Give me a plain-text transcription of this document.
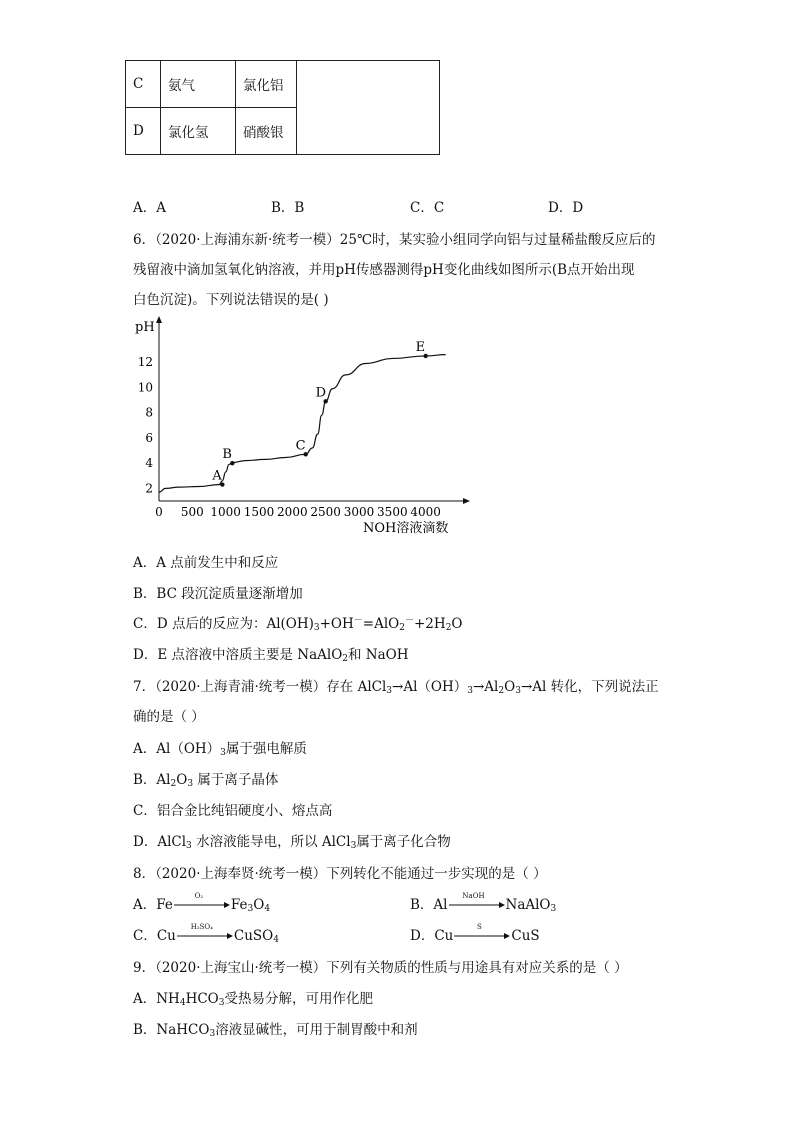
C	氨气	氯化铝	
D	氯化氢	硝酸银	
A．A	B．B	C．C	D．D
6．（2020·上海浦东新·统考一模）25℃时，某实验小组同学向铝与过量稀盐酸反应后的
残留液中滴加氢氧化钠溶液，并用pH传感器测得pH变化曲线如图所示(B点开始出现
白色沉淀)。下列说法错误的是( )
0 500 1000 1500 2000 2500 3000 3500 4000
2
4
6
8
10
12
A
B
C
D
E
pH
NOH溶液滴数
A．A 点前发生中和反应
B．BC 段沉淀质量逐渐增加
C．D 点后的反应为：$Al(OH)_3+OH^-=AlO_2^-+2H_2O$
D．E 点溶液中溶质主要是 NaAlO$_2$和 NaOH
7．（2020·上海青浦·统考一模）存在 $AlCl_3\to Al(OH)_3\to Al_2O_3\to Al$ 转化，下列说法正
确的是（ ）
A．$Al(OH)_3$属于强电解质
B．$Al_2O_3$ 属于离子晶体
C．铝合金比纯铝硬度小、熔点高
D．AlCl$_3$ 水溶液能导电，所以 AlCl$_3$属于离子化合物
8．（2020·上海奉贤·统考一模）下列转化不能通过一步实现的是（ ）
A．Fe
O₂
$Fe_3O_4$	B．Al
NaOH
NaAlO$_3$
C．Cu
H₂SO₄
CuSO$_4$	D．Cu
S
CuS
9．（2020·上海宝山·统考一模）下列有关物质的性质与用途具有对应关系的是（ ）
A．$NH_4HCO_3$受热易分解，可用作化肥
B．NaHCO$_3$溶液显碱性，可用于制胃酸中和剂
